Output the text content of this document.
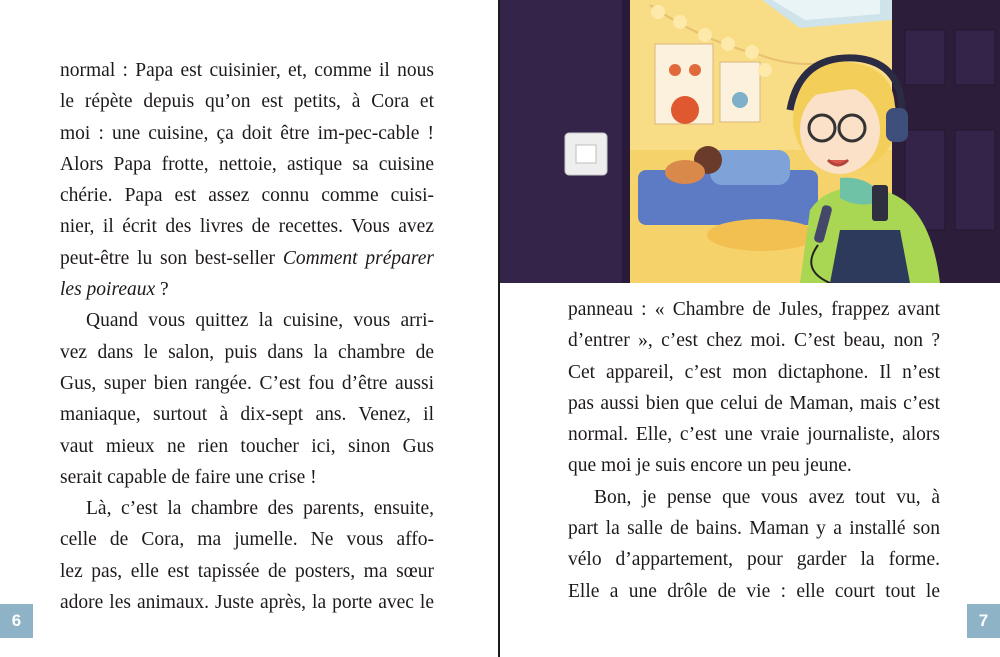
normal : Papa est cuisinier, et, comme il nous
le répète depuis qu’on est petits, à Cora et
moi : une cuisine, ça doit être im-pec-cable !
Alors Papa frotte, nettoie, astique sa cuisine
chérie. Papa est assez connu comme cuisi-
nier, il écrit des livres de recettes. Vous avez
peut-être lu son best-seller Comment préparer
les poireaux ?

Quand vous quittez la cuisine, vous arri-
vez dans le salon, puis dans la chambre de
Gus, super bien rangée. C’est fou d’être aussi
maniaque, surtout à dix-sept ans. Venez, il
vaut mieux ne rien toucher ici, sinon Gus
serait capable de faire une crise !

Là, c’est la chambre des parents, ensuite,
celle de Cora, ma jumelle. Ne vous affo-
lez pas, elle est tapissée de posters, ma sœur
adore les animaux. Juste après, la porte avec le

panneau : « Chambre de Jules, frappez avant
d’entrer », c’est chez moi. C’est beau, non ?
Cet appareil, c’est mon dictaphone. Il n’est
pas aussi bien que celui de Maman, mais c’est
normal. Elle, c’est une vraie journaliste, alors
que moi je suis encore un peu jeune.

Bon, je pense que vous avez tout vu, à
part la salle de bains. Maman y a installé son
vélo d’appartement, pour garder la forme.
Elle a une drôle de vie : elle court tout le

6	7
